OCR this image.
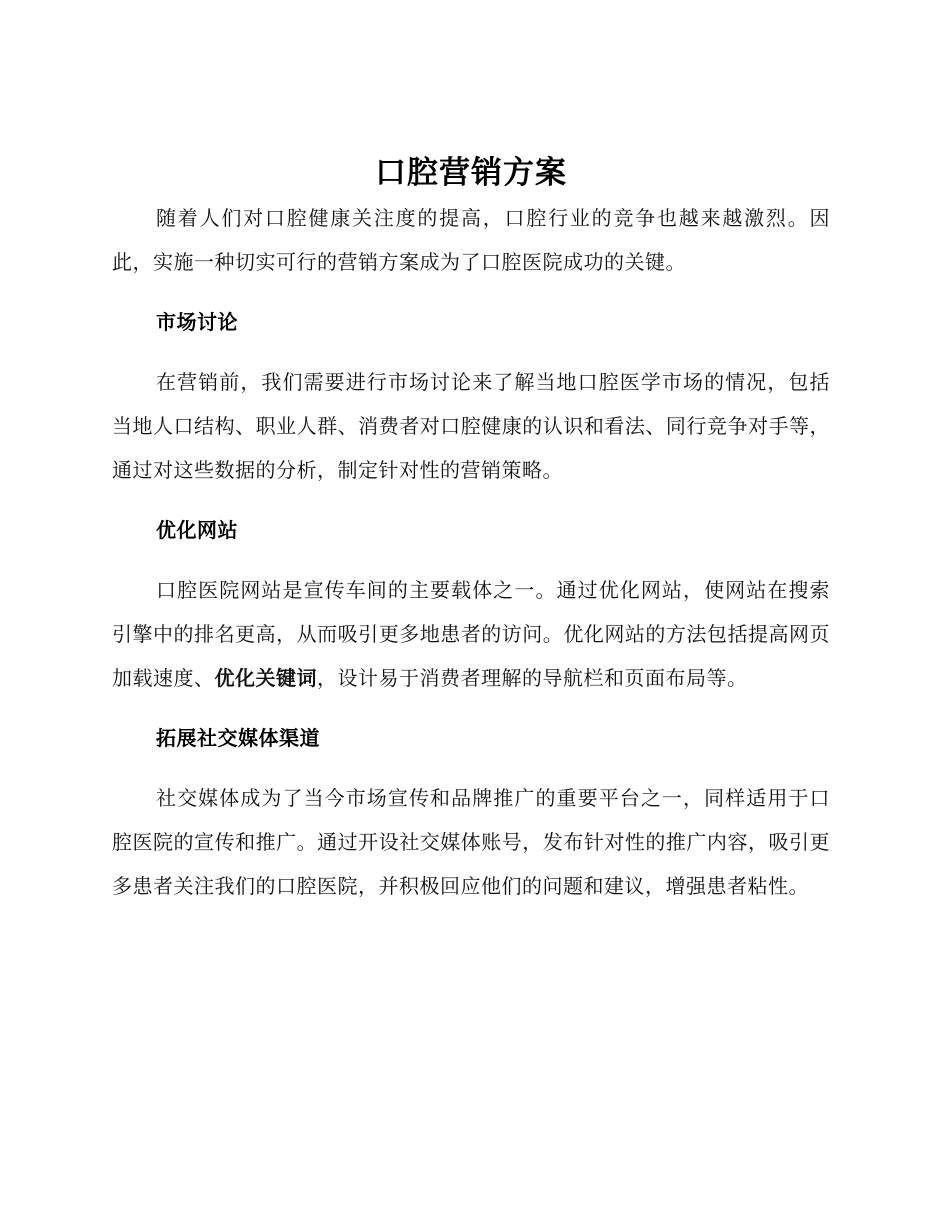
口腔营销方案

随着人们对口腔健康关注度的提高，口腔行业的竞争也越来越激烈。因此，实施一种切实可行的营销方案成为了口腔医院成功的关键。

市场讨论

在营销前，我们需要进行市场讨论来了解当地口腔医学市场的情况，包括当地人口结构、职业人群、消费者对口腔健康的认识和看法、同行竞争对手等，通过对这些数据的分析，制定针对性的营销策略。

优化网站

口腔医院网站是宣传车间的主要载体之一。通过优化网站，使网站在搜索引擎中的排名更高，从而吸引更多地患者的访问。优化网站的方法包括提高网页加载速度、优化关键词，设计易于消费者理解的导航栏和页面布局等。

拓展社交媒体渠道

社交媒体成为了当今市场宣传和品牌推广的重要平台之一，同样适用于口腔医院的宣传和推广。通过开设社交媒体账号，发布针对性的推广内容，吸引更多患者关注我们的口腔医院，并积极回应他们的问题和建议，增强患者粘性。
